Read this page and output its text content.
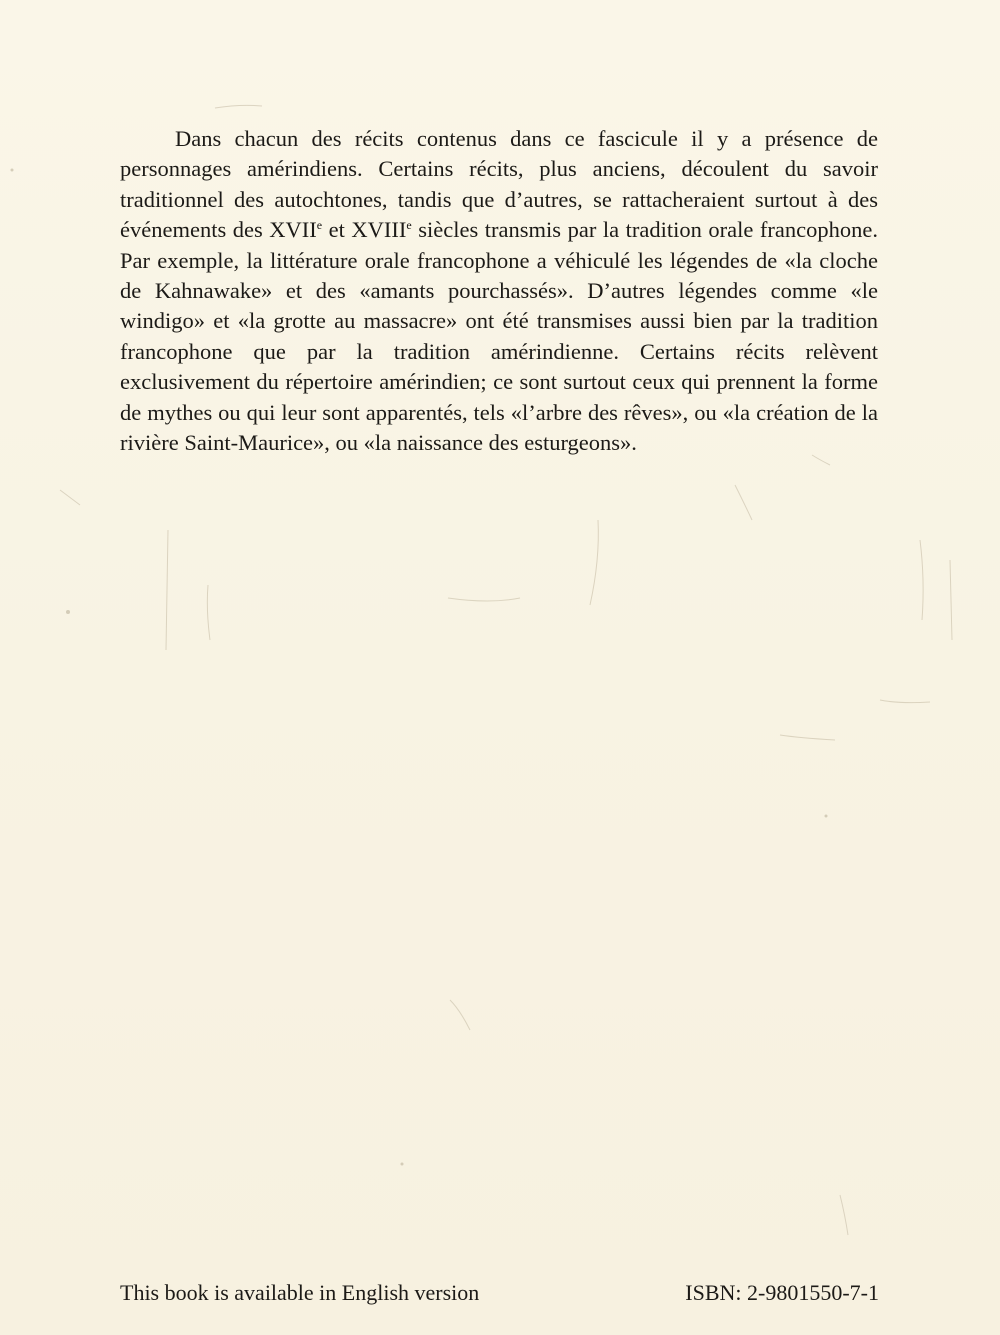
Dans chacun des récits contenus dans ce fascicule il y a présence de personnages amérindiens. Certains récits, plus anciens, découlent du savoir traditionnel des autochtones, tandis que d’autres, se rattacheraient surtout à des événements des XVIIe et XVIIIe siècles transmis par la tradition orale francophone. Par exemple, la littérature orale francophone a véhiculé les légendes de «la cloche de Kahnawake» et des «amants pourchassés». D’autres légendes comme «le windigo» et «la grotte au massacre» ont été transmises aussi bien par la tradition francophone que par la tradition amérindienne. Certains récits relèvent exclusivement du répertoire amérindien; ce sont surtout ceux qui prennent la forme de mythes ou qui leur sont apparentés, tels «l’arbre des rêves», ou «la création de la rivière Saint-Maurice», ou «la naissance des esturgeons».

This book is available in English version	ISBN: 2-9801550-7-1
